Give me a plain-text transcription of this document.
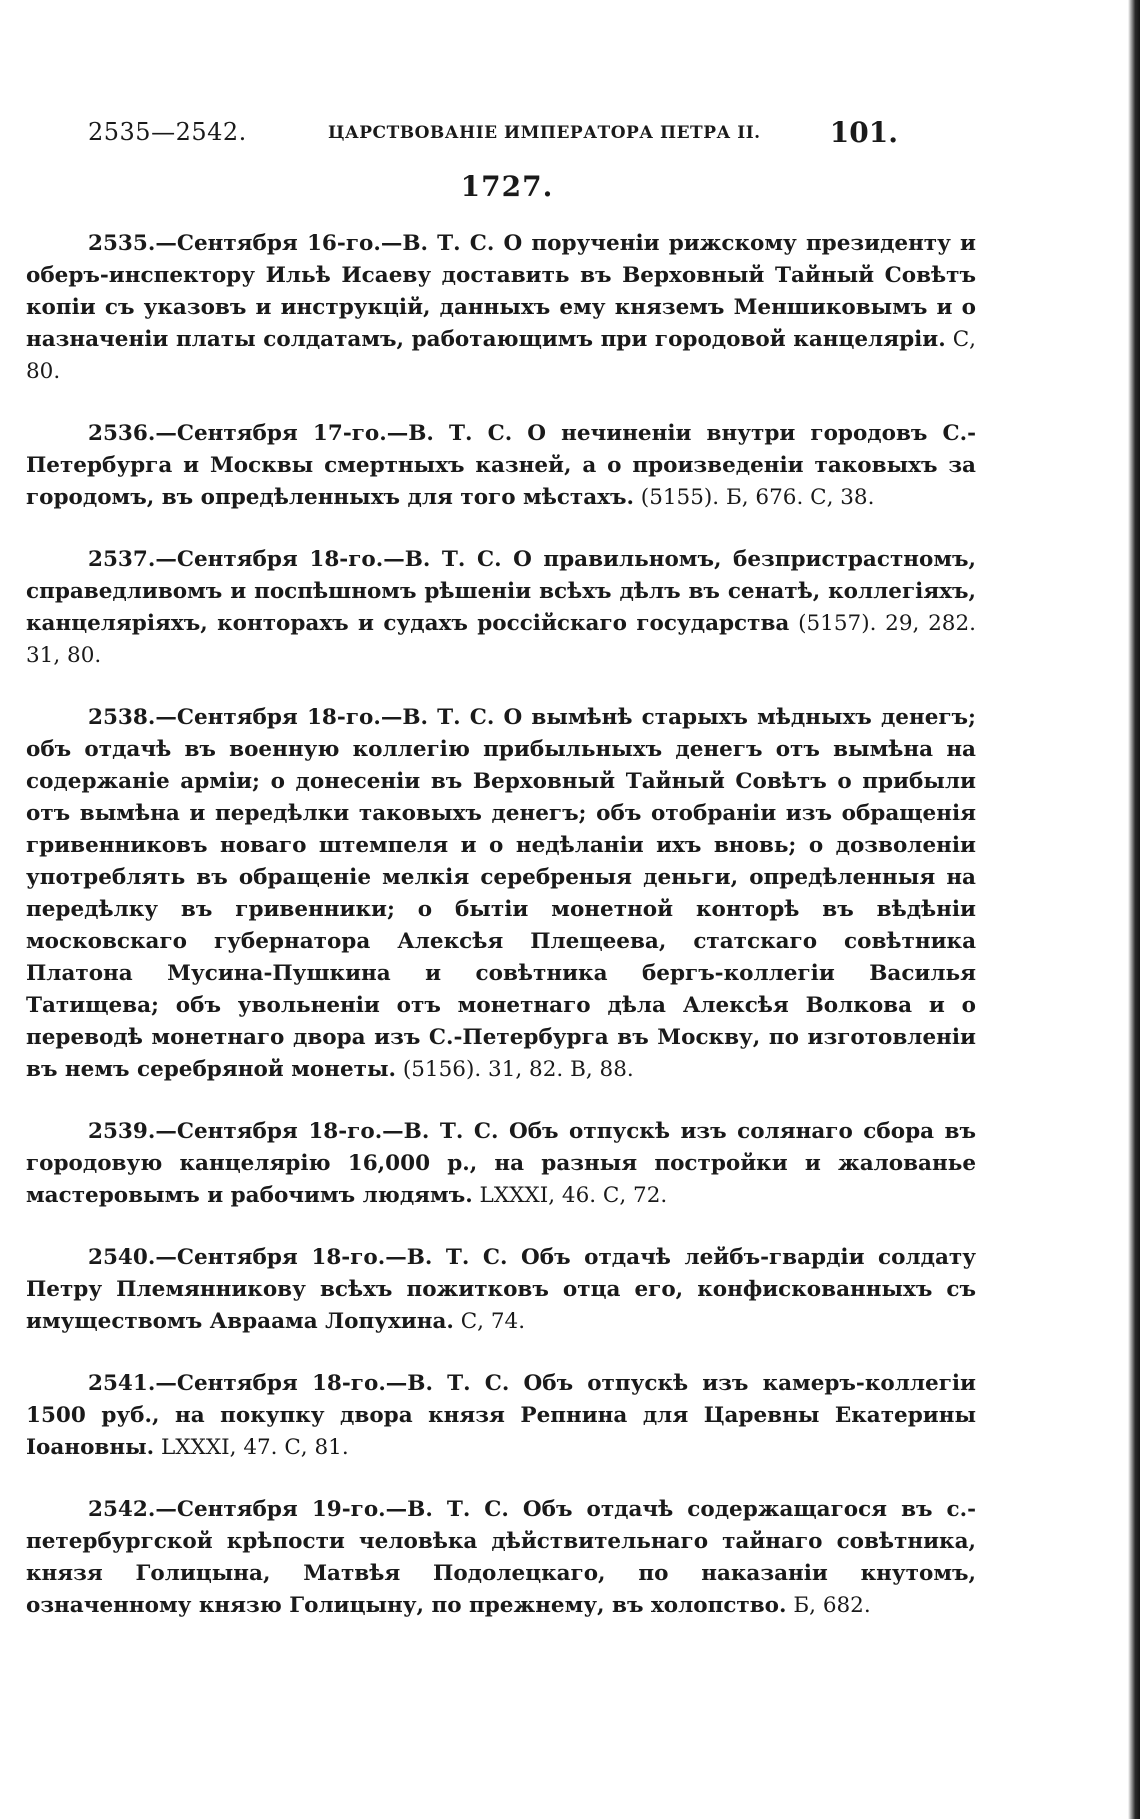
2535—2542.	ЦАРСТВОВАНІЕ ИМПЕРАТОРА ПЕТРА II. 101.
1727.

2535.—Сентября 16-го.—В. Т. С. О порученіи рижскому президенту и оберъ-инспектору Ильѣ Исаеву доставить въ Верховный Тайный Совѣтъ копіи съ указовъ и инструкцій, данныхъ ему княземъ Меншиковымъ и о назначеніи платы солдатамъ, работающимъ при городовой канцеляріи. С, 80.

2536.—Сентября 17-го.—В. Т. С. О нечиненіи внутри городовъ С.-Петербурга и Москвы смертныхъ казней, а о произведеніи таковыхъ за городомъ, въ опредѣленныхъ для того мѣстахъ. (5155). Б, 676. С, 38.

2537.—Сентября 18-го.—В. Т. С. О правильномъ, безпристрастномъ, справедливомъ и поспѣшномъ рѣшеніи всѣхъ дѣлъ въ сенатѣ, коллегіяхъ, канцеляріяхъ, конторахъ и судахъ россійскаго государства (5157). 29, 282. 31, 80.

2538.—Сентября 18-го.—В. Т. С. О вымѣнѣ старыхъ мѣдныхъ денегъ; объ отдачѣ въ военную коллегію прибыльныхъ денегъ отъ вымѣна на содержаніе арміи; о донесеніи въ Верховный Тайный Совѣтъ о прибыли отъ вымѣна и передѣлки таковыхъ денегъ; объ отобраніи изъ обращенія гривенниковъ новаго штемпеля и о недѣланіи ихъ вновь; о дозволеніи употреблять въ обращеніе мелкія серебреныя деньги, опредѣленныя на передѣлку въ гривенники; о бытіи монетной конторѣ въ вѣдѣніи московскаго губернатора Алексѣя Плещеева, статскаго совѣтника Платона Мусина-Пушкина и совѣтника бергъ-коллегіи Василья Татищева; объ увольненіи отъ монетнаго дѣла Алексѣя Волкова и о переводѣ монетнаго двора изъ С.-Петербурга въ Москву, по изготовленіи въ немъ серебряной монеты. (5156). 31, 82. В, 88.

2539.—Сентября 18-го.—В. Т. С. Объ отпускѣ изъ солянаго сбора въ городовую канцелярію 16,000 р., на разныя постройки и жалованье мастеровымъ и рабочимъ людямъ. LXXXI, 46. С, 72.

2540.—Сентября 18-го.—В. Т. С. Объ отдачѣ лейбъ-гвардіи солдату Петру Племянникову всѣхъ пожитковъ отца его, конфискованныхъ съ имуществомъ Авраама Лопухина. С, 74.

2541.—Сентября 18-го.—В. Т. С. Объ отпускѣ изъ камеръ-коллегіи 1500 руб., на покупку двора князя Репнина для Царевны Екатерины Іоановны. LXXXI, 47. С, 81.

2542.—Сентября 19-го.—В. Т. С. Объ отдачѣ содержащагося въ с.-петербургской крѣпости человѣка дѣйствительнаго тайнаго совѣтника, князя Голицына, Матвѣя Подолецкаго, по наказаніи кнутомъ, означенному князю Голицыну, по прежнему, въ холопство. Б, 682.
